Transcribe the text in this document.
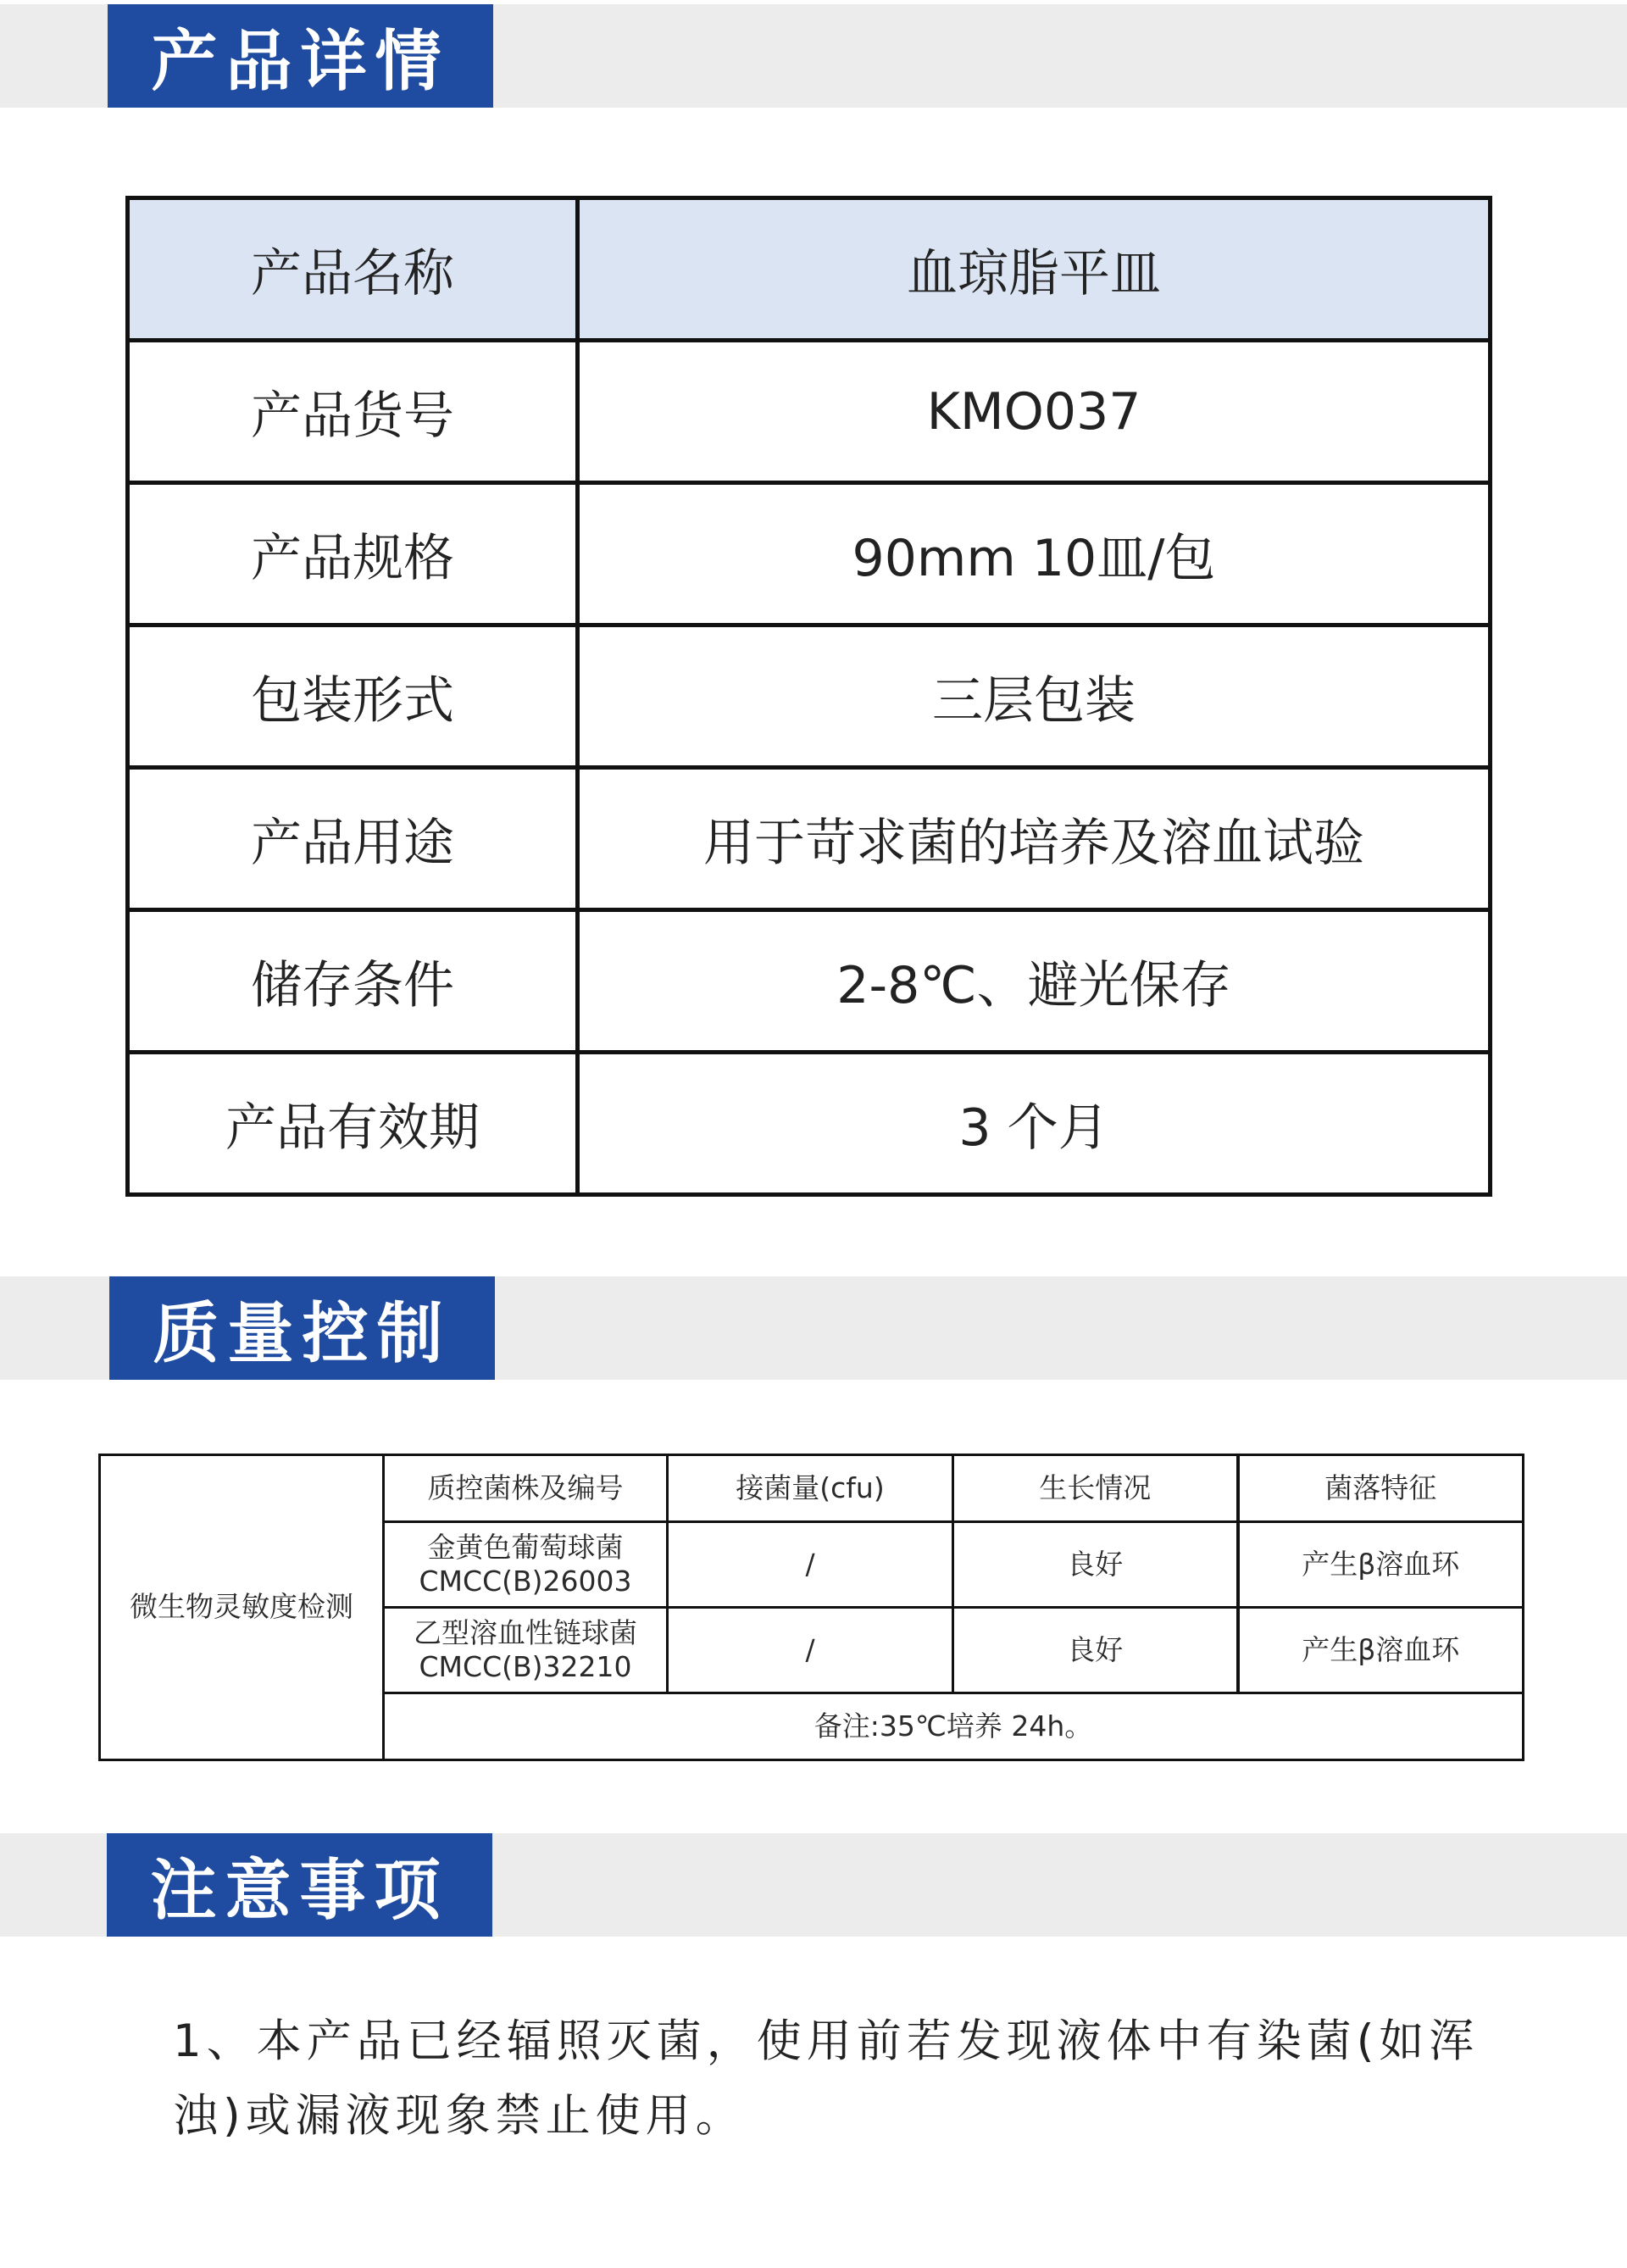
产品详情
产品名称	血琼脂平皿
产品货号	KMO037
产品规格	90mm 10皿/包
包装形式	三层包装
产品用途	用于苛求菌的培养及溶血试验
储存条件	2-8℃、避光保存
产品有效期	3 个月
质量控制
微生物灵敏度检测	质控菌株及编号	接菌量(cfu)	生长情况	菌落特征

	金黄色葡萄球菌
CMCC(B)26003	/	良好	产生β溶血环

	乙型溶血性链球菌
CMCC(B)32210	/	良好	产生β溶血环
	备注:35℃培养 24h。			
注意事项

1、本产品已经辐照灭菌，使用前若发现液体中有染菌(如浑浊)或漏液现象禁止使用。
